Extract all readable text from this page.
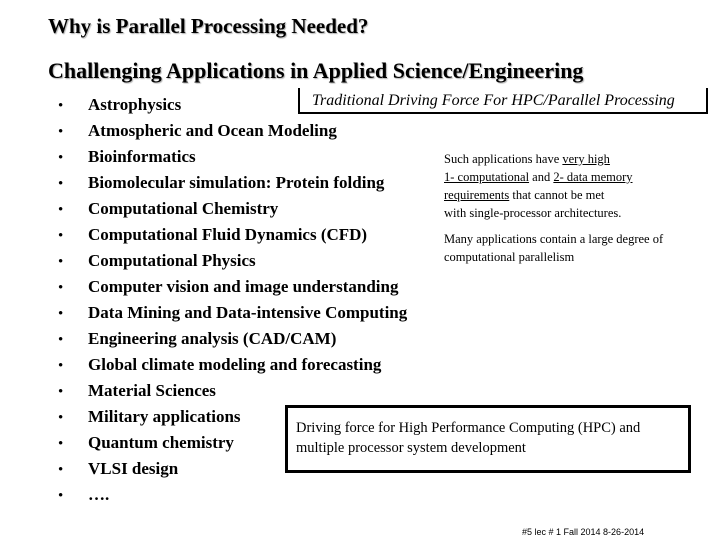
Why is Parallel Processing Needed?
Challenging Applications in Applied Science/Engineering
• Astrophysics
• Atmospheric and Ocean Modeling
• Bioinformatics
• Biomolecular simulation: Protein folding
• Computational Chemistry
• Computational Fluid Dynamics (CFD)
• Computational Physics
• Computer vision and image understanding
• Data Mining and Data-intensive Computing
• Engineering analysis (CAD/CAM)
• Global climate modeling and forecasting
• Material Sciences
• Military applications
• Quantum chemistry
• VLSI design
• ….
Traditional Driving Force For HPC/Parallel Processing
Such applications have very high
1- computational and 2- data memory
requirements that cannot be met
with single-processor architectures.
Many applications contain a large degree of computational parallelism
Driving force for High Performance Computing (HPC) and multiple processor system development
#5 lec # 1 Fall 2014 8-26-2014
